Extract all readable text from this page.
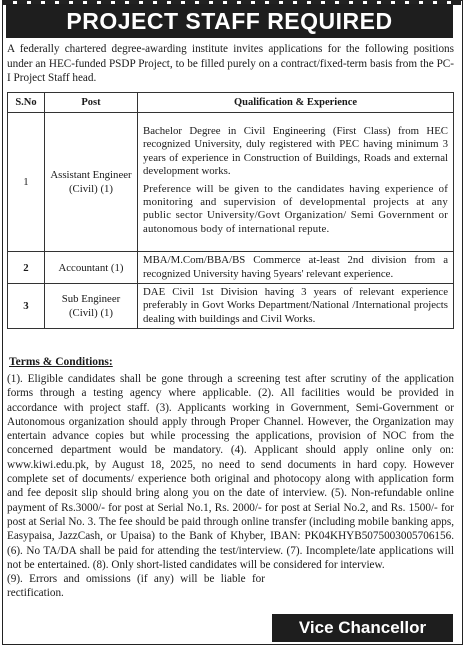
PROJECT STAFF REQUIRED
A federally chartered degree-awarding institute invites applications for the following positions under an HEC-funded PSDP Project, to be filled purely on a contract/fixed-term basis from the PC-I Project Staff head.
S.No	Post	Qualification & Experience
1	Assistant Engineer (Civil) (1)	Bachelor Degree in Civil Engineering (First Class) from HEC recognized University, duly registered with PEC having minimum 3 years of experience in Construction of Buildings, Roads and external development works.

Preference will be given to the candidates having experience of monitoring and supervision of developmental projects at any public sector University/Govt Organization/ Semi Government or autonomous body of international repute.

2	Accountant (1)	MBA/M.Com/BBA/BS Commerce at-least 2nd division from a recognized University having 5years' relevant experience.
3	Sub Engineer (Civil) (1)	DAE Civil 1st Division having 3 years of relevant experience preferably in Govt Works Department/National /International projects dealing with buildings and Civil Works.
Terms & Conditions:
(1). Eligible candidates shall be gone through a screening test after scrutiny of the application forms through a testing agency where applicable. (2). All facilities would be provided in accordance with project staff. (3). Applicants working in Government, Semi-Government or Autonomous organization should apply through Proper Channel. However, the Organization may entertain advance copies but while processing the applications, provision of NOC from the concerned department would be mandatory. (4). Applicant should apply online only on: www.kiwi.edu.pk, by August 18, 2025, no need to send documents in hard copy. However complete set of documents/ experience both original and photocopy along with application form and fee deposit slip should bring along you on the date of interview. (5). Non-refundable online payment of Rs.3000/- for post at Serial No.1, Rs. 2000/- for post at Serial No.2, and Rs. 1500/- for post at Serial No. 3. The fee should be paid through online transfer (including mobile banking apps, Easypaisa, JazzCash, or Upaisa) to the Bank of Khyber, IBAN: PK04KHYB5075003005706156. (6). No TA/DA shall be paid for attending the test/interview. (7). Incomplete/late applications will not be entertained. (8). Only short-listed candidates will be considered for interview.
(9). Errors and omissions (if any) will be liable for rectification.
Vice Chancellor
